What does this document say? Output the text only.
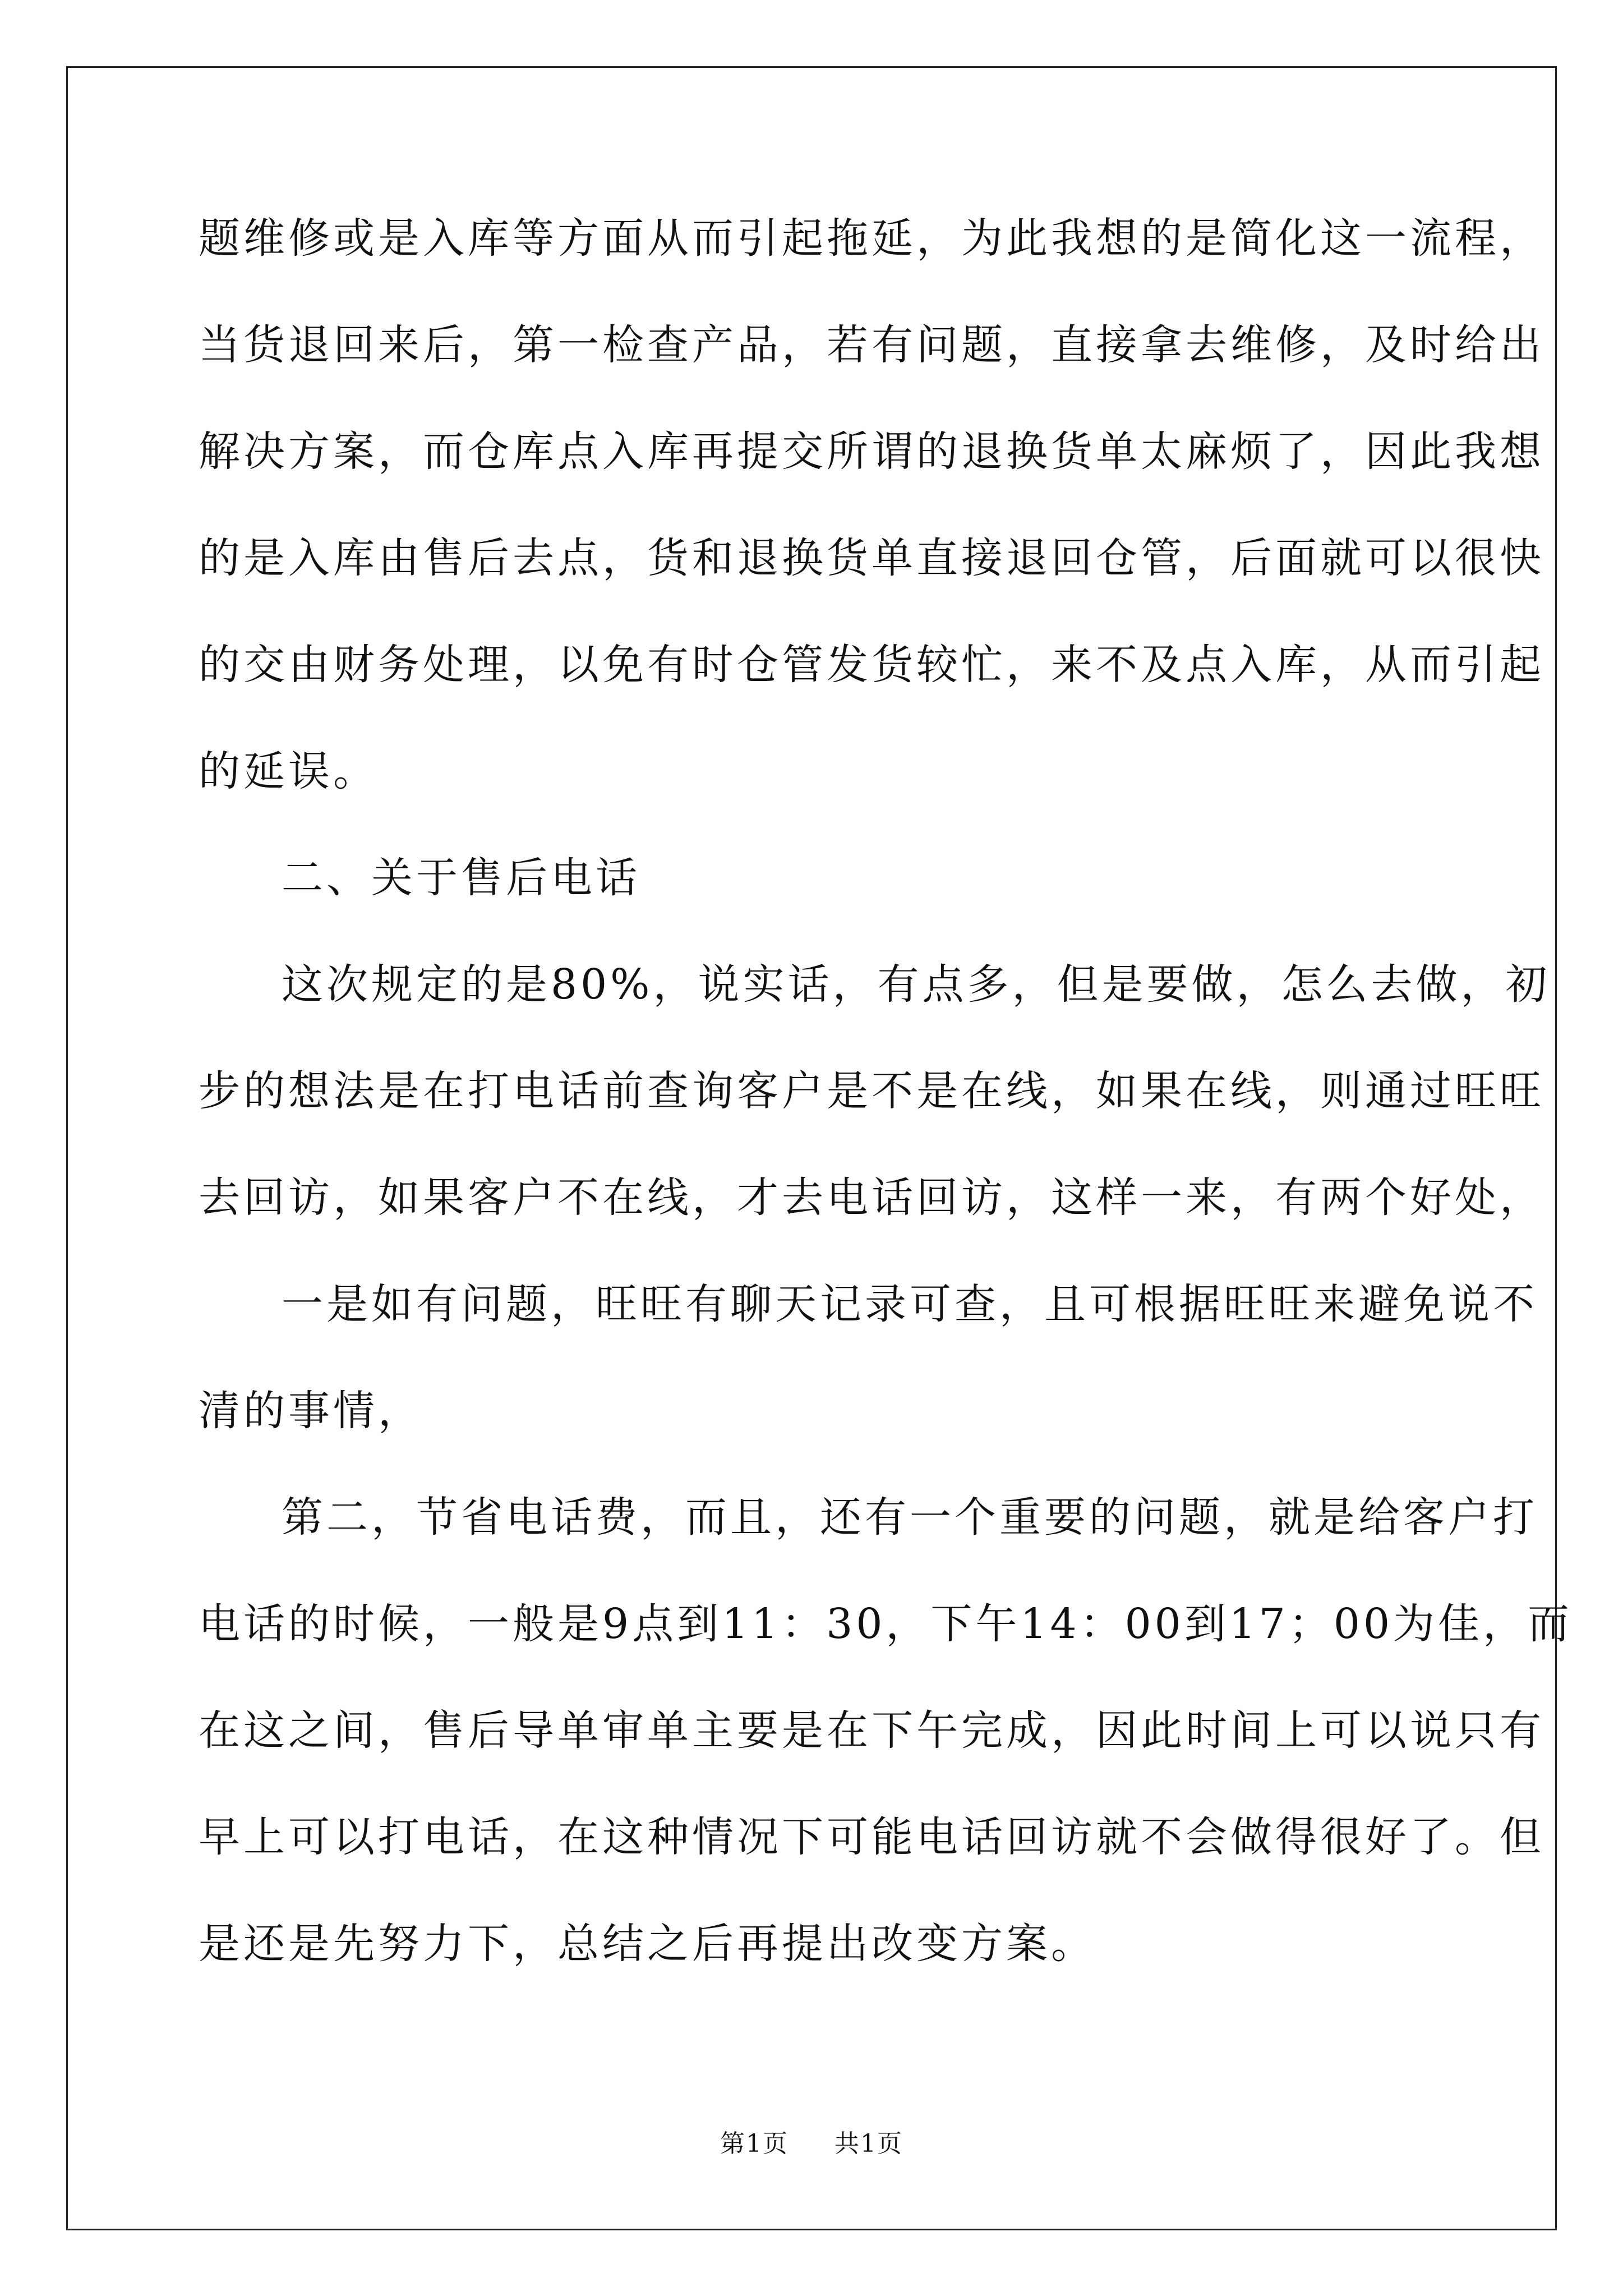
题维修或是入库等方面从而引起拖延，为此我想的是简化这一流程，
当货退回来后，第一检查产品，若有问题，直接拿去维修，及时给出
解决方案，而仓库点入库再提交所谓的退换货单太麻烦了，因此我想
的是入库由售后去点，货和退换货单直接退回仓管，后面就可以很快
的交由财务处理，以免有时仓管发货较忙，来不及点入库，从而引起
的延误。
二、关于售后电话
这次规定的是80%，说实话，有点多，但是要做，怎么去做，初
步的想法是在打电话前查询客户是不是在线，如果在线，则通过旺旺
去回访，如果客户不在线，才去电话回访，这样一来，有两个好处，
一是如有问题，旺旺有聊天记录可查，且可根据旺旺来避免说不
清的事情，
第二，节省电话费，而且，还有一个重要的问题，就是给客户打
电话的时候，一般是9点到11：30，下午14：00到17；00为佳，而
在这之间，售后导单审单主要是在下午完成，因此时间上可以说只有
早上可以打电话，在这种情况下可能电话回访就不会做得很好了。但
是还是先努力下，总结之后再提出改变方案。
第1页 共1页
